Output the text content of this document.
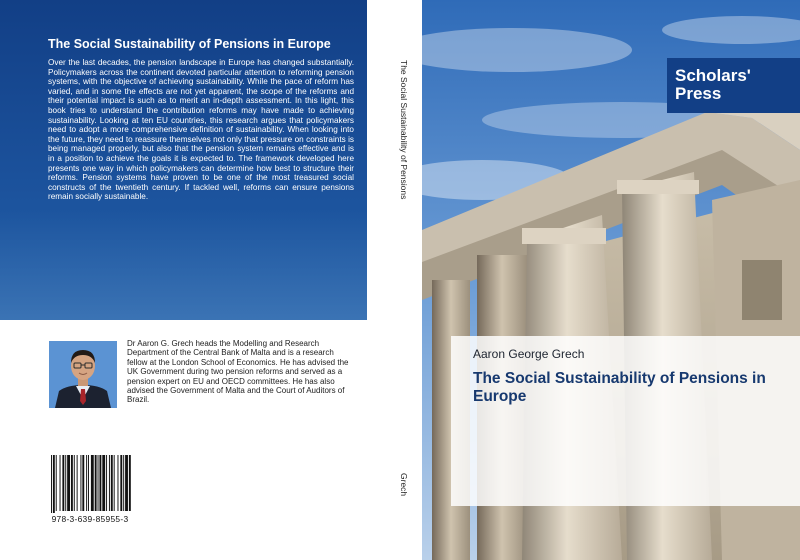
The Social Sustainability of Pensions in Europe

Over the last decades, the pension landscape in Europe has changed substantially. Policymakers across the continent devoted particular attention to reforming pension systems, with the objective of achieving sustainability. While the pace of reform has varied, and in some the effects are not yet apparent, the scope of the reforms and their potential impact is such as to merit an in-depth assessment. In this light, this book tries to understand the contribution reforms may have made to achieving sustainability. Looking at ten EU countries, this research argues that policymakers need to adopt a more comprehensive definition of sustainability. When looking into the future, they need to reassure themselves not only that pressure on constraints is being managed properly, but also that the pension system remains effective and is in a position to achieve the goals it is expected to. The framework developed here presents one way in which policymakers can determine how best to structure their reforms. Pension systems have proven to be one of the most treasured social constructs of the twentieth century. If tackled well, reforms can ensure pensions remain socially sustainable.

Dr Aaron G. Grech heads the Modelling and Research Department of the Central Bank of Malta and is a research fellow at the London School of Economics. He has advised the UK Government during two pension reforms and served as a pension expert on EU and OECD committees. He has also advised the Government of Malta and the Court of Auditors of Brazil.

978-3-639-85955-3

The Social Sustainability of Pensions

Grech

Scholars' Press

Aaron George Grech

The Social Sustainability of Pensions in Europe
